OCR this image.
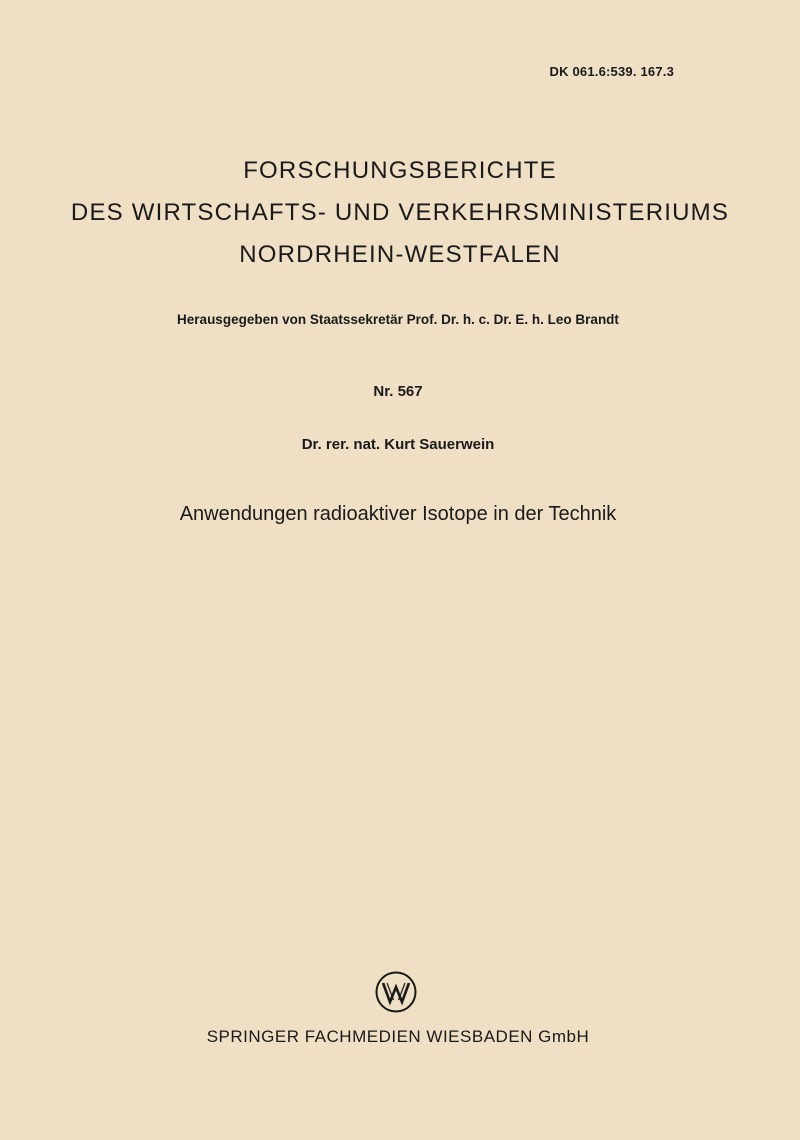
DK 061.6:539. 167.3
FORSCHUNGSBERICHTE
DES WIRTSCHAFTS- UND VERKEHRSMINISTERIUMS
NORDRHEIN-WESTFALEN
Herausgegeben von Staatssekretär Prof. Dr. h. c. Dr. E. h. Leo Brandt
Nr. 567
Dr. rer. nat. Kurt Sauerwein
Anwendungen radioaktiver Isotope in der Technik
SPRINGER FACHMEDIEN WIESBADEN GmbH
